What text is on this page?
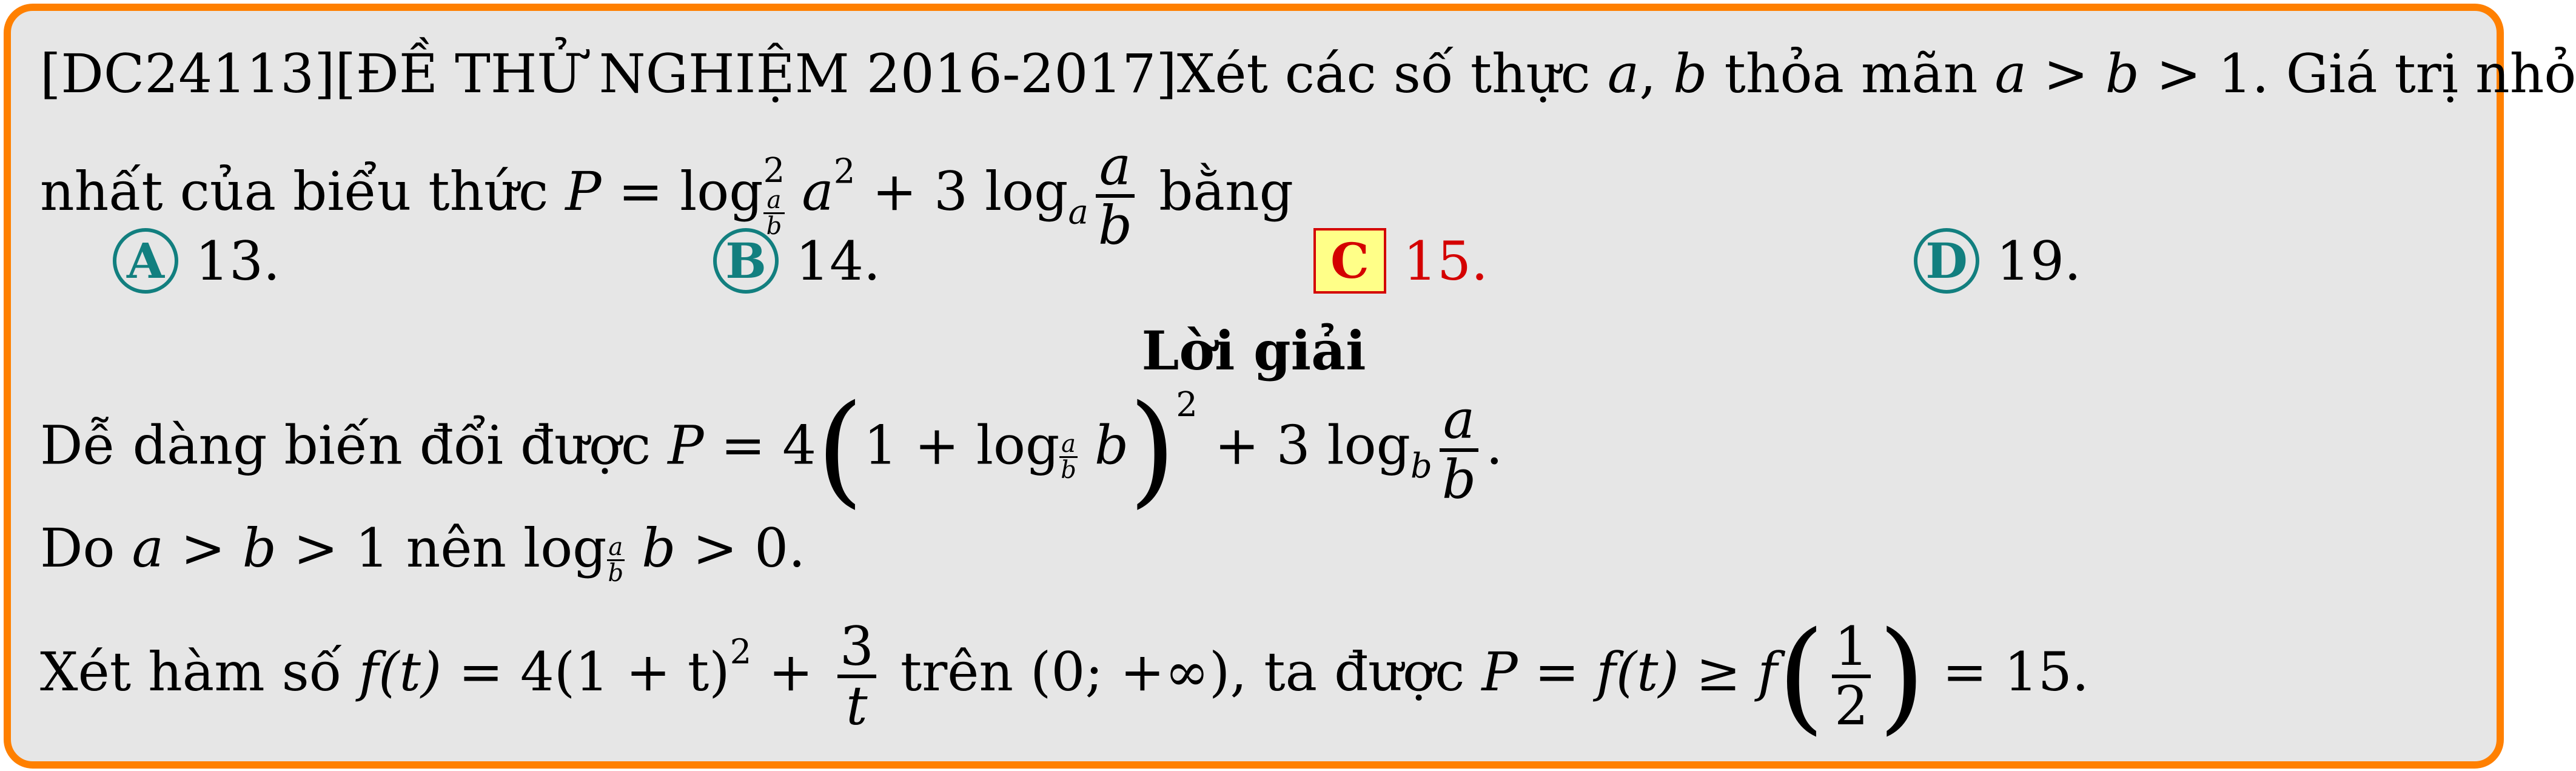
[DC24113][ĐỀ THỬ NGHIỆM 2016-2017]Xét các số thực a, b thỏa mãn a > b > 1. Giá trị nhỏ
nhất của biểu thức P = log 2
$\frac{a}{b} a^2 + 3$ $\log_a \frac{a}{b}$ bằng
A 13.	B 14.	C 15.	D 19.
Lời giải
Dễ dàng biến đổi được $P = 4(1 + \log \frac{a}{b} b)^2 + 3$ $\log_b \frac{a}{b}$ .
Do a > b > 1 nên $\log \frac{a}{b}$ b > 0.
Xét hàm số $f(t) = 4(1 + t)^2 + \frac{3}{t}$ trên (0; +∞), ta được $P = f(t) \ge f( \frac{1}{2}$ ) = 15.
